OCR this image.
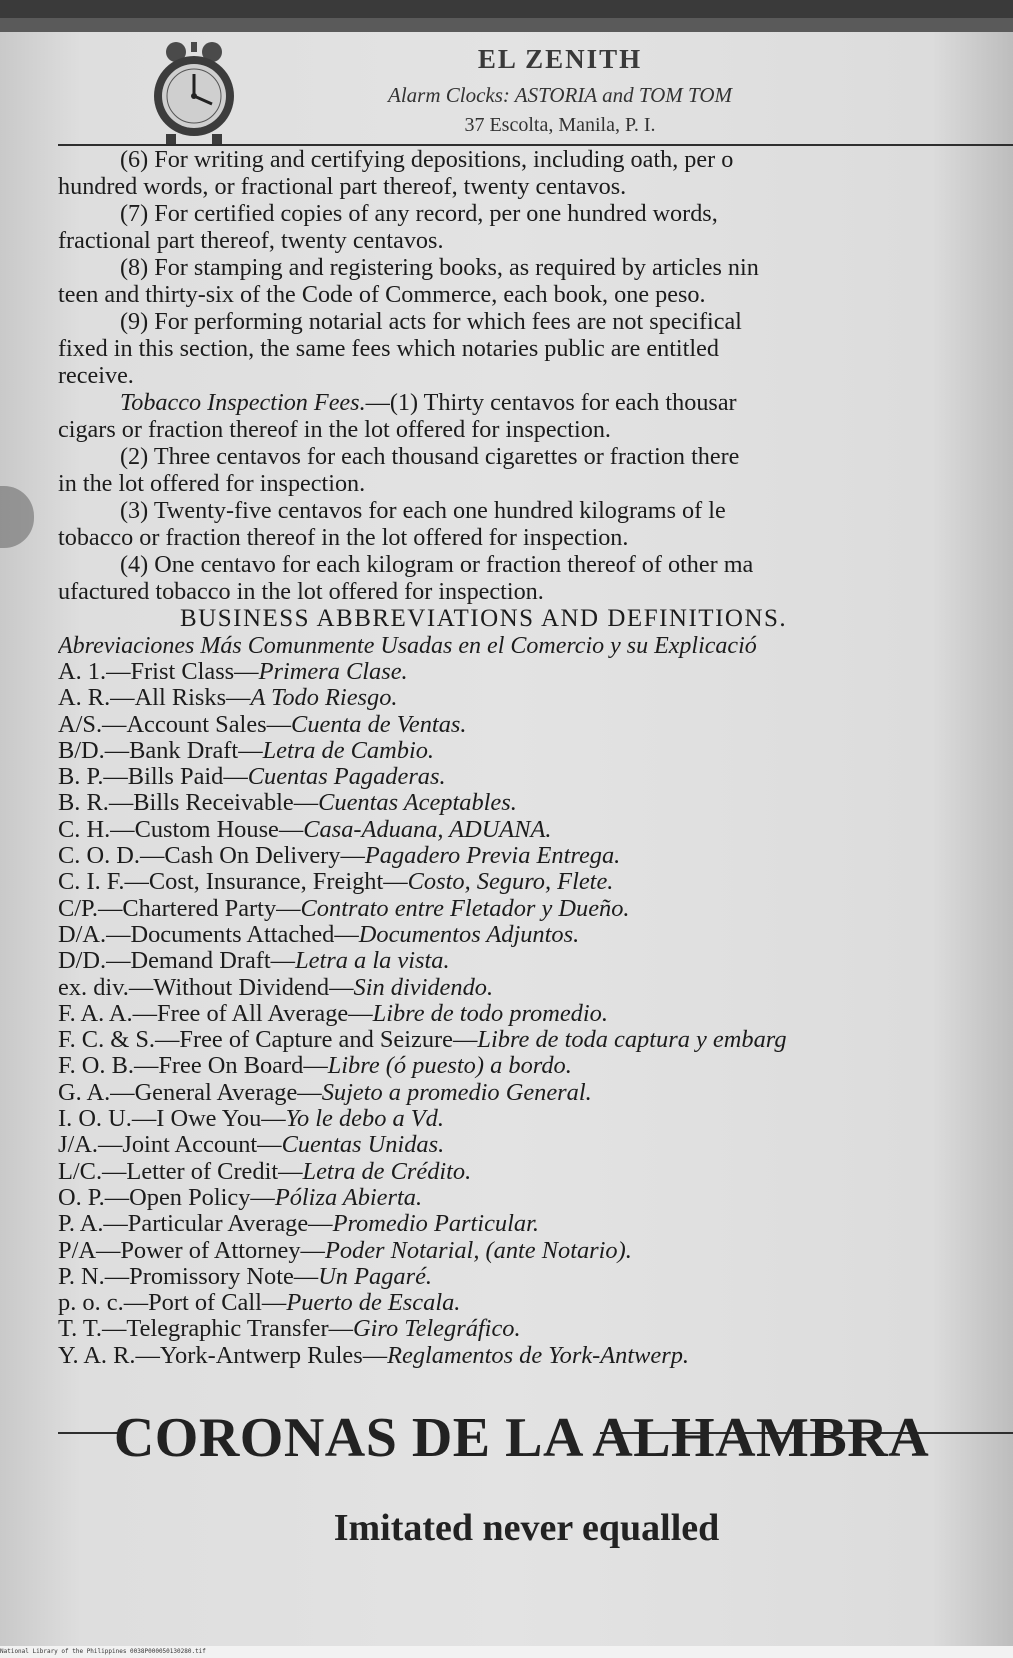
EL ZENITH
Alarm Clocks: ASTORIA and TOM TOM
37 Escolta, Manila, P. I.
(6) For writing and certifying depositions, including oath, per o
hundred words, or fractional part thereof, twenty centavos.
(7) For certified copies of any record, per one hundred words,
fractional part thereof, twenty centavos.
(8) For stamping and registering books, as required by articles nin
teen and thirty-six of the Code of Commerce, each book, one peso.
(9) For performing notarial acts for which fees are not specifical
fixed in this section, the same fees which notaries public are entitled
receive.
Tobacco Inspection Fees.—(1) Thirty centavos for each thousar
cigars or fraction thereof in the lot offered for inspection.
(2) Three centavos for each thousand cigarettes or fraction there
in the lot offered for inspection.
(3) Twenty-five centavos for each one hundred kilograms of le
tobacco or fraction thereof in the lot offered for inspection.
(4) One centavo for each kilogram or fraction thereof of other ma
ufactured tobacco in the lot offered for inspection.
BUSINESS ABBREVIATIONS AND DEFINITIONS.
Abreviaciones Más Comunmente Usadas en el Comercio y su Explicació
A. 1.—Frist Class—Primera Clase.
A. R.—All Risks—A Todo Riesgo.
A/S.—Account Sales—Cuenta de Ventas.
B/D.—Bank Draft—Letra de Cambio.
B. P.—Bills Paid—Cuentas Pagaderas.
B. R.—Bills Receivable—Cuentas Aceptables.
C. H.—Custom House—Casa-Aduana, ADUANA.
C. O. D.—Cash On Delivery—Pagadero Previa Entrega.
C. I. F.—Cost, Insurance, Freight—Costo, Seguro, Flete.
C/P.—Chartered Party—Contrato entre Fletador y Dueño.
D/A.—Documents Attached—Documentos Adjuntos.
D/D.—Demand Draft—Letra a la vista.
ex. div.—Without Dividend—Sin dividendo.
F. A. A.—Free of All Average—Libre de todo promedio.
F. C. & S.—Free of Capture and Seizure—Libre de toda captura y embarg
F. O. B.—Free On Board—Libre (ó puesto) a bordo.
G. A.—General Average—Sujeto a promedio General.
I. O. U.—I Owe You—Yo le debo a Vd.
J/A.—Joint Account—Cuentas Unidas.
L/C.—Letter of Credit—Letra de Crédito.
O. P.—Open Policy—Póliza Abierta.
P. A.—Particular Average—Promedio Particular.
P/A—Power of Attorney—Poder Notarial, (ante Notario).
P. N.—Promissory Note—Un Pagaré.
p. o. c.—Port of Call—Puerto de Escala.
T. T.—Telegraphic Transfer—Giro Telegráfico.
Y. A. R.—York-Antwerp Rules—Reglamentos de York-Antwerp.
CORONAS DE LA ALHAMBRA
Imitated never equalled
National Library of the Philippines 0038P000050130280.tif
